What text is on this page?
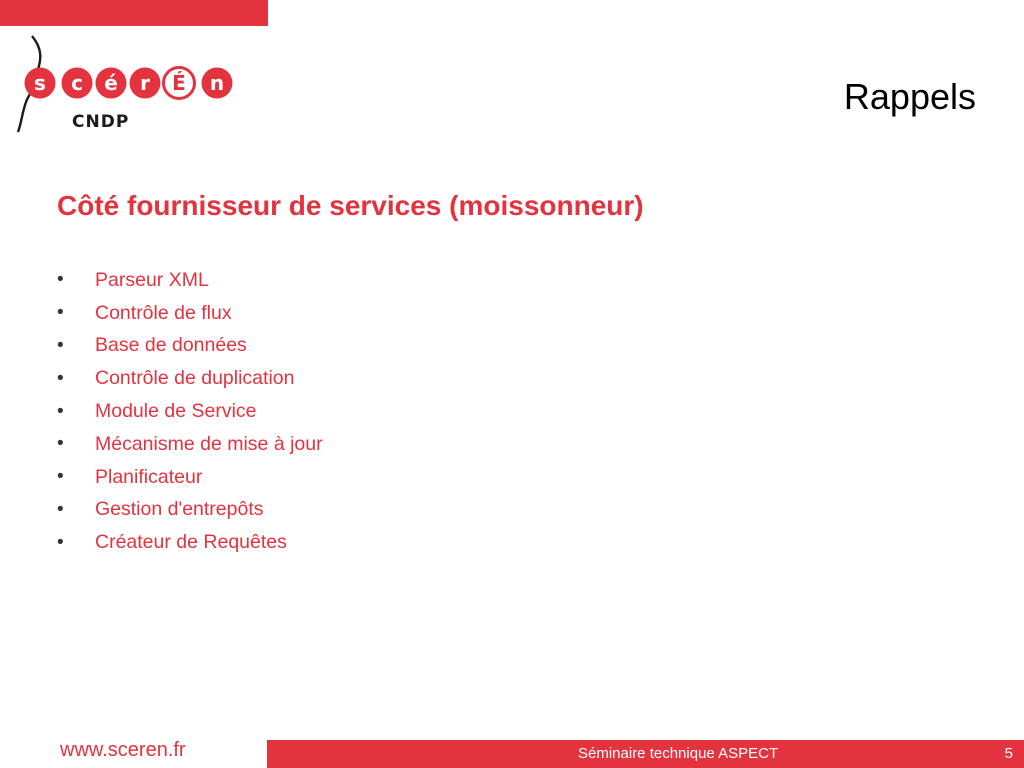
s c é r É n
CNDP
Rappels
Côté fournisseur de services (moissonneur)
•	Parseur XML
•	Contrôle de flux
•	Base de données
•	Contrôle de duplication
•	Module de Service
•	Mécanisme de mise à jour
•	Planificateur
•	Gestion d'entrepôts
•	Créateur de Requêtes
www.sceren.fr	Séminaire technique ASPECT	5
